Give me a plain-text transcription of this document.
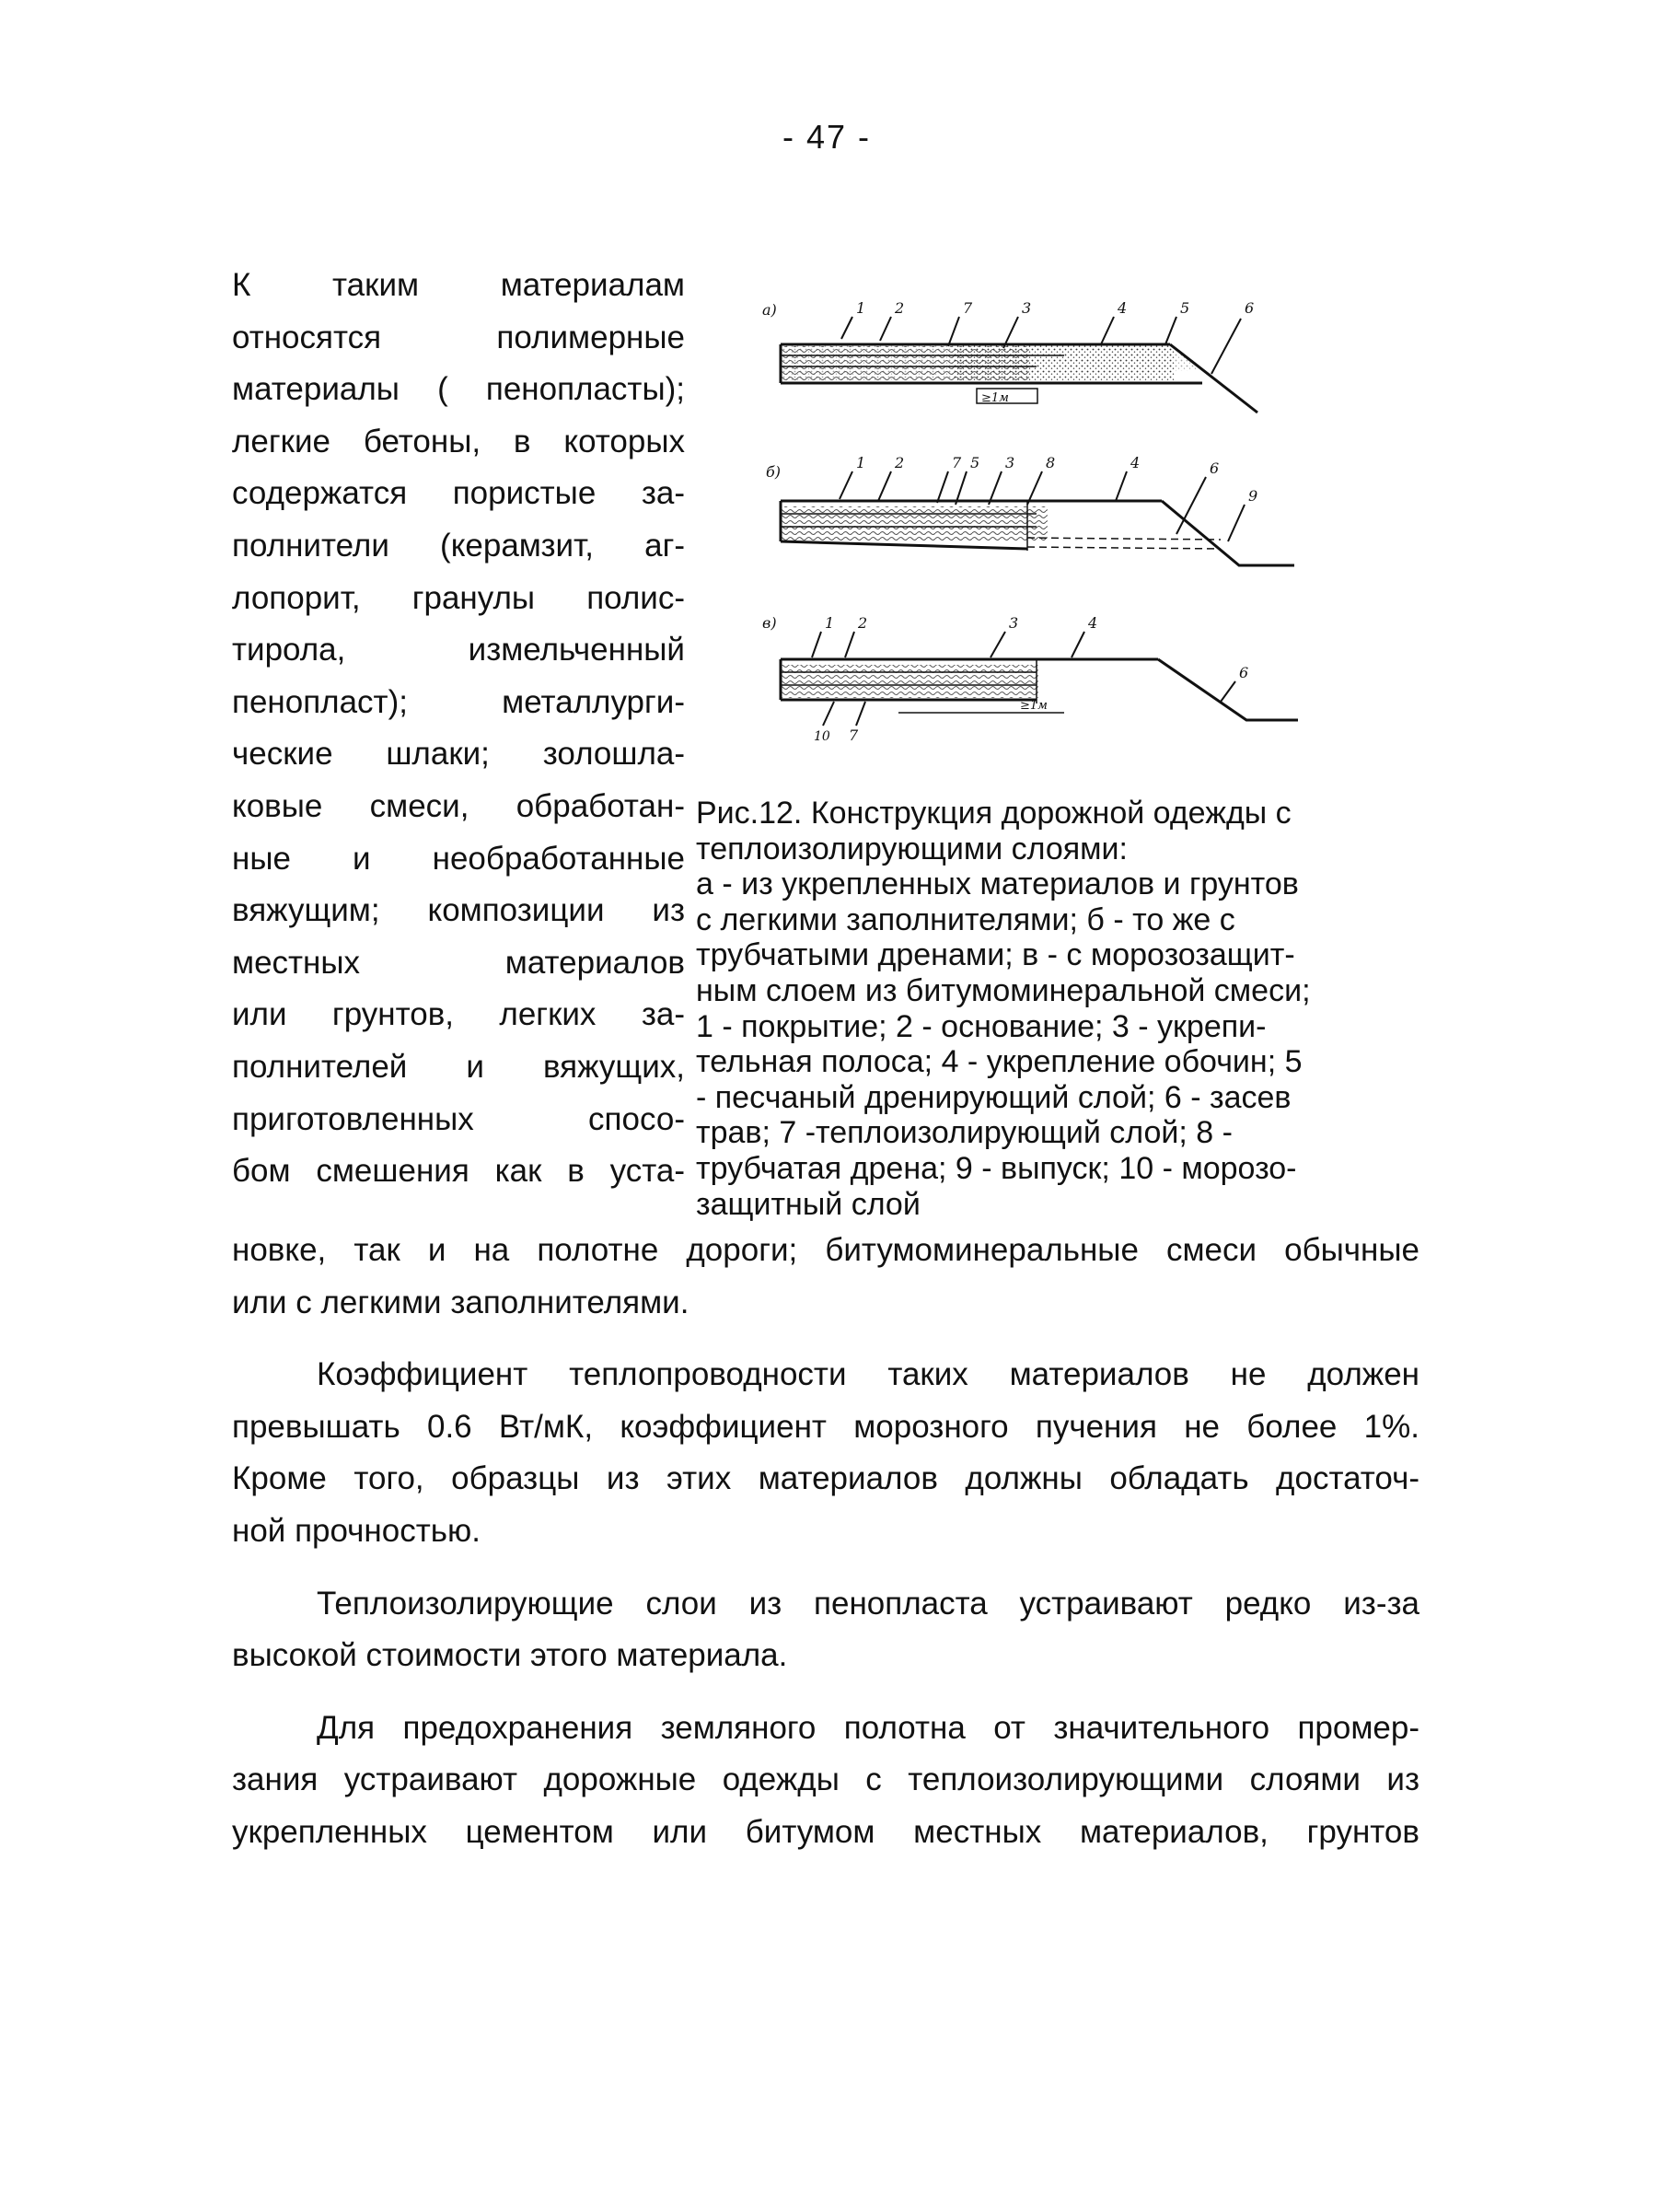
- 47 -
К таким материалам
относятся полимерные
материалы ( пенопласты);
легкие бетоны, в которых
содержатся пористые за-
полнители (керамзит, аг-
лопорит, гранулы полис-
тирола, измельченный
пенопласт); металлурги-
ческие шлаки; золошла-
ковые смеси, обработан-
ные и необработанные
вяжущим; композиции из
местных материалов
или грунтов, легких за-
полнителей и вяжущих,
приготовленных спосо-
бом смешения как в уста-
а)	1 2	7	3	4	5	6
≥1м
б)
1 2	7 5 3 8	4	6
9
в)	1 2	3	4
6
10 7
≥1м
Рис.12. Конструкция дорожной одежды с
теплоизолирующими слоями:
а - из укрепленных материалов и грунтов
с легкими заполнителями; б - то же с
трубчатыми дренами; в - с морозозащит-
ным слоем из битумоминеральной смеси;
1 - покрытие; 2 - основание; 3 - укрепи-
тельная полоса; 4 - укрепление обочин; 5
- песчаный дренирующий слой; 6 - засев
трав; 7 -теплоизолирующий слой; 8 -
трубчатая дрена; 9 - выпуск; 10 - морозо-
защитный слой
новке, так и на полотне дороги; битумоминеральные смеси обычные
или с легкими заполнителями.
Коэффициент теплопроводности таких материалов не должен
превышать 0.6 Вт/мК, коэффициент морозного пучения не более 1%.
Кроме того, образцы из этих материалов должны обладать достаточ-
ной прочностью.
Теплоизолирующие слои из пенопласта устраивают редко из-за
высокой стоимости этого материала.
Для предохранения земляного полотна от значительного промер-
зания устраивают дорожные одежды с теплоизолирующими слоями из
укрепленных цементом или битумом местных материалов, грунтов
